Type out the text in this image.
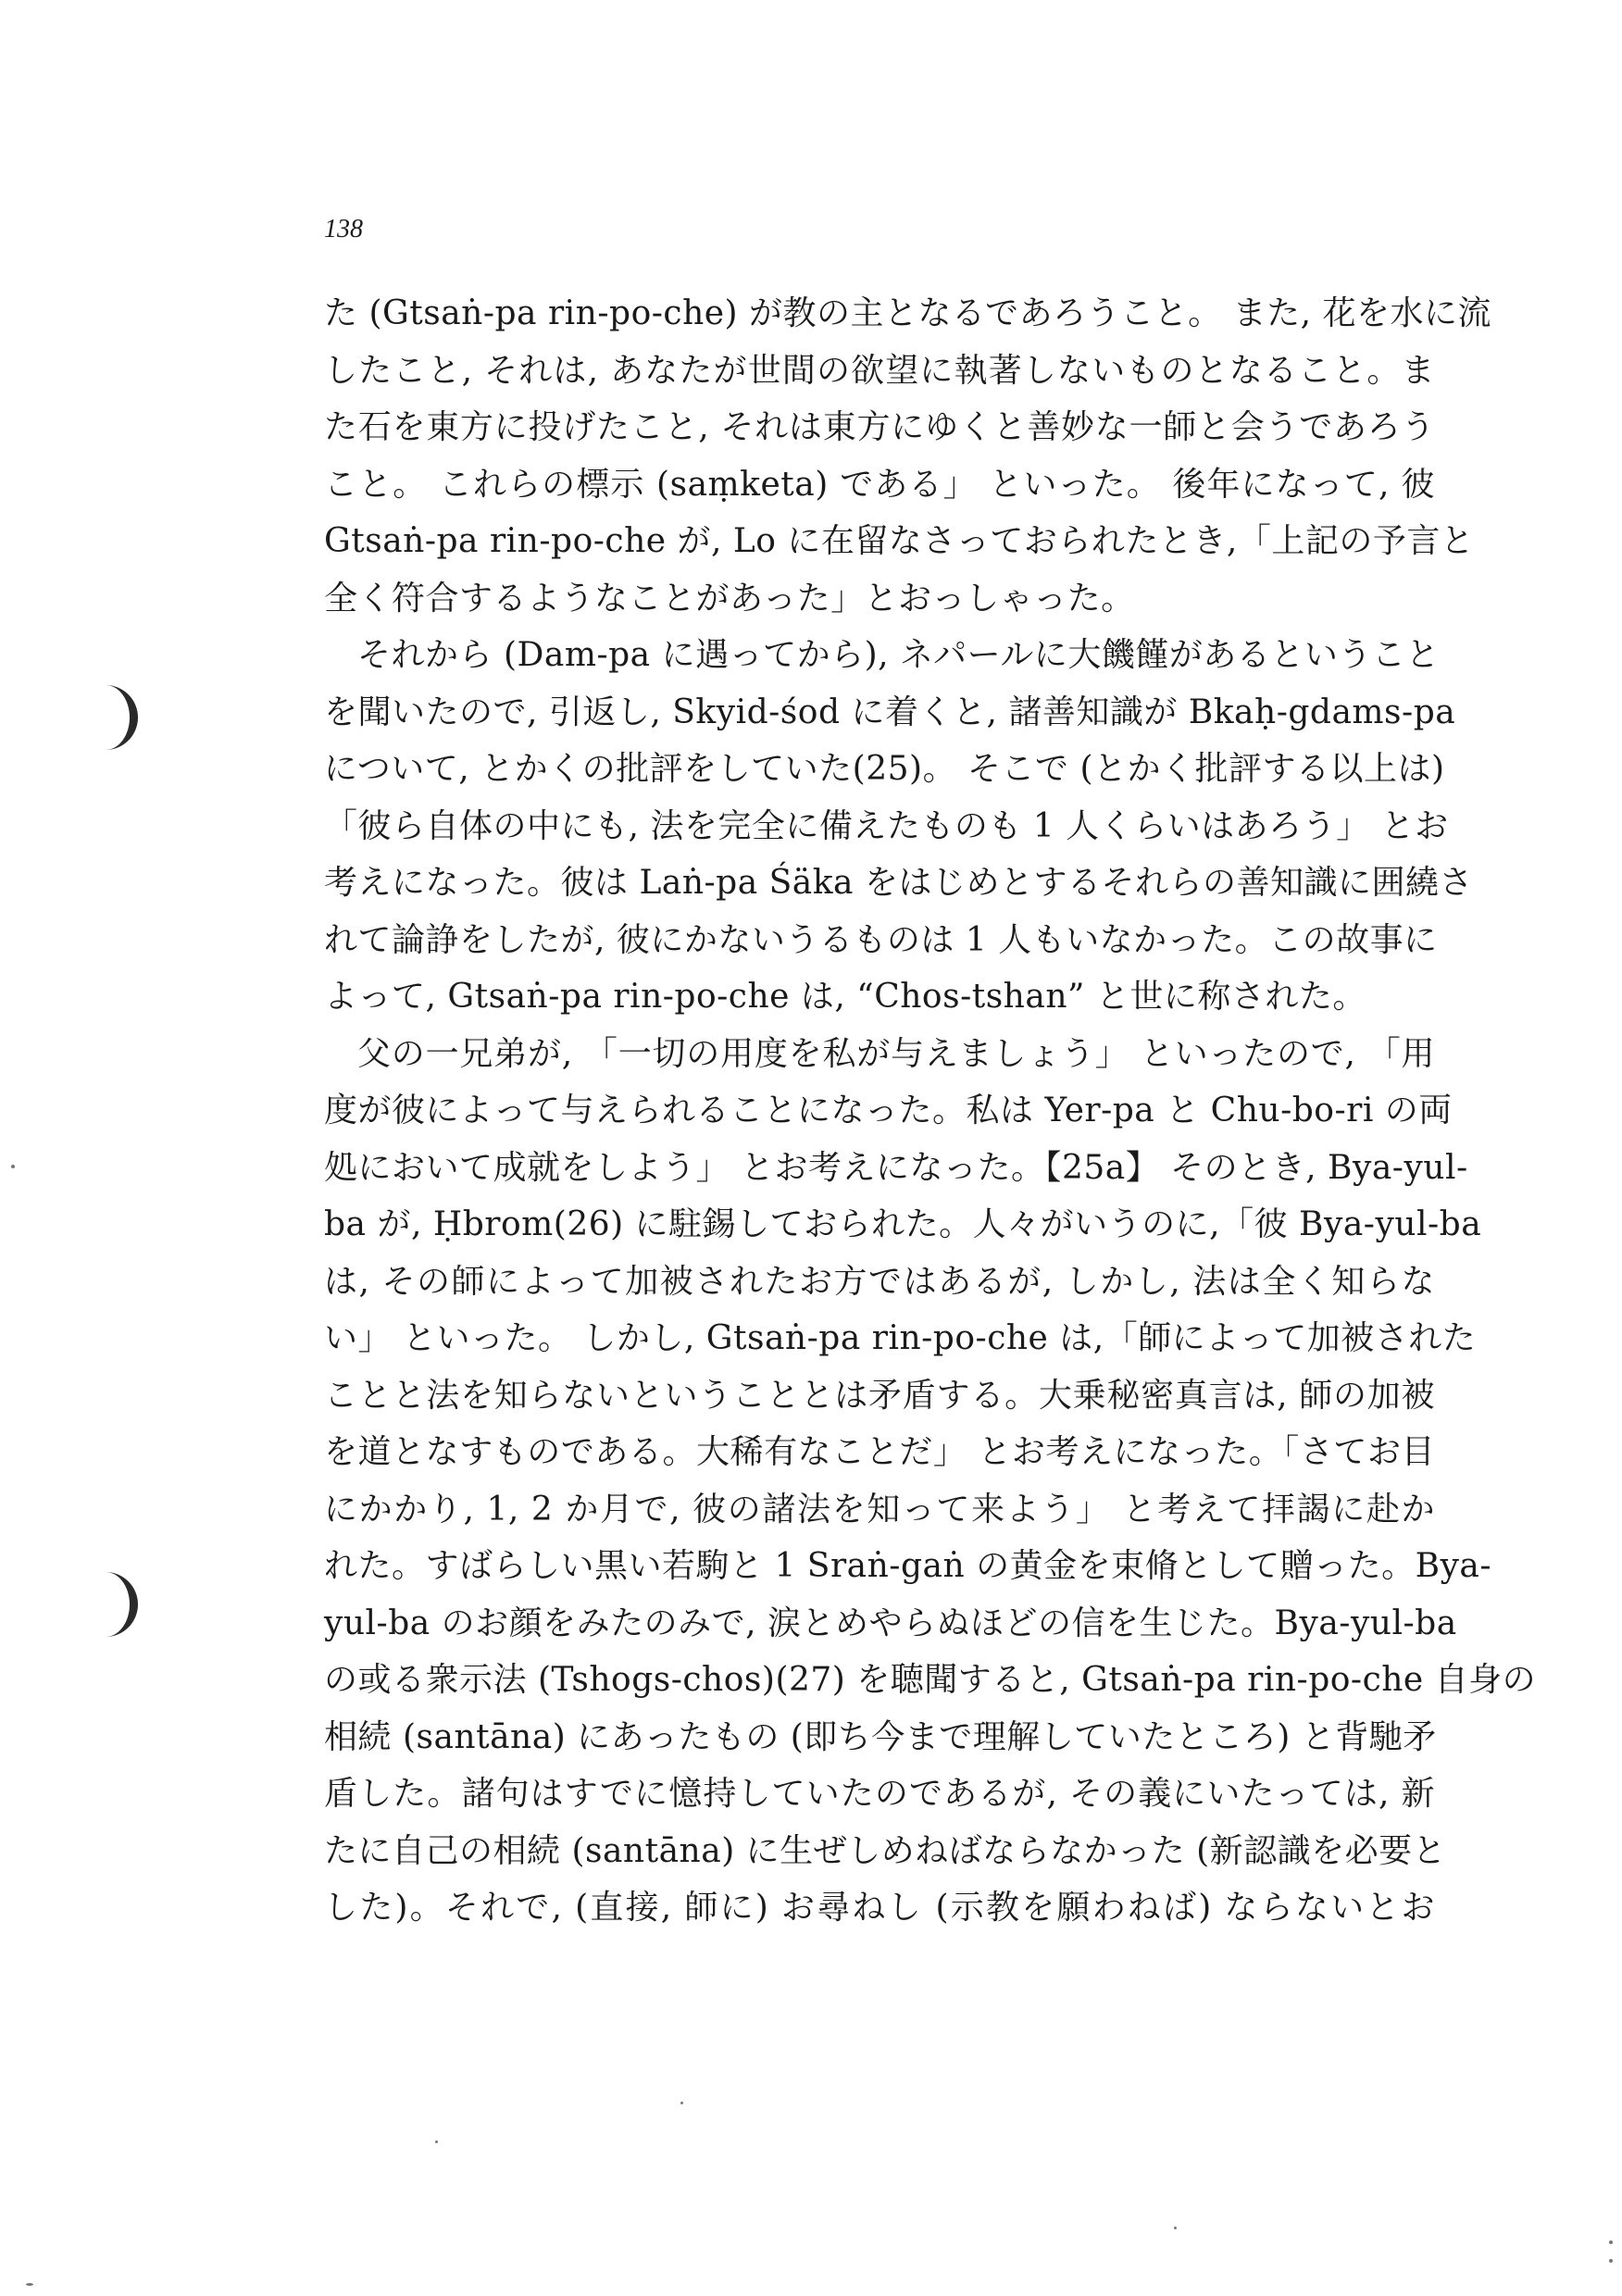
138
た (Gtsaṅ-pa rin-po-che) が教の主となるであろうこと。 また, 花を水に流
したこと, それは, あなたが世間の欲望に執著しないものとなること。ま
た石を東方に投げたこと, それは東方にゆくと善妙な一師と会うであろう
こと。 これらの標示 (saṃketa) である」 といった。 後年になって, 彼
Gtsaṅ-pa rin-po-che が, Lo に在留なさっておられたとき,「上記の予言と
全く符合するようなことがあった」とおっしゃった。
それから (Dam-pa に遇ってから), ネパールに大饑饉があるということ
を聞いたので, 引返し, Skyid-śod に着くと, 諸善知識が Bkaḥ-gdams-pa
について, とかくの批評をしていた(25)。 そこで (とかく批評する以上は)
「彼ら自体の中にも, 法を完全に備えたものも 1 人くらいはあろう」 とお
考えになった。彼は Laṅ-pa Śäka をはじめとするそれらの善知識に囲繞さ
れて論諍をしたが, 彼にかないうるものは 1 人もいなかった。この故事に
よって, Gtsaṅ-pa rin-po-che は, “Chos-tshan” と世に称された。
父の一兄弟が, 「一切の用度を私が与えましょう」 といったので, 「用
度が彼によって与えられることになった。私は Yer-pa と Chu-bo-ri の両
処において成就をしよう」 とお考えになった。【25a】 そのとき, Bya-yul-
ba が, Ḥbrom(26) に駐錫しておられた。人々がいうのに,「彼 Bya-yul-ba
は, その師によって加被されたお方ではあるが, しかし, 法は全く知らな
い」 といった。 しかし, Gtsaṅ-pa rin-po-che は,「師によって加被された
ことと法を知らないということとは矛盾する。大乗秘密真言は, 師の加被
を道となすものである。大稀有なことだ」 とお考えになった。「さてお目
にかかり, 1, 2 か月で, 彼の諸法を知って来よう」 と考えて拝謁に赴か
れた。すばらしい黒い若駒と 1 Sraṅ-gaṅ の黄金を束脩として贈った。Bya-
yul-ba のお顔をみたのみで, 涙とめやらぬほどの信を生じた。Bya-yul-ba
の或る衆示法 (Tshogs-chos)(27) を聴聞すると, Gtsaṅ-pa rin-po-che 自身の
相続 (santāna) にあったもの (即ち今まで理解していたところ) と背馳矛
盾した。諸句はすでに憶持していたのであるが, その義にいたっては, 新
たに自己の相続 (santāna) に生ぜしめねばならなかった (新認識を必要と
した)。それで, (直接, 師に) お尋ねし (示教を願わねば) ならないとお
